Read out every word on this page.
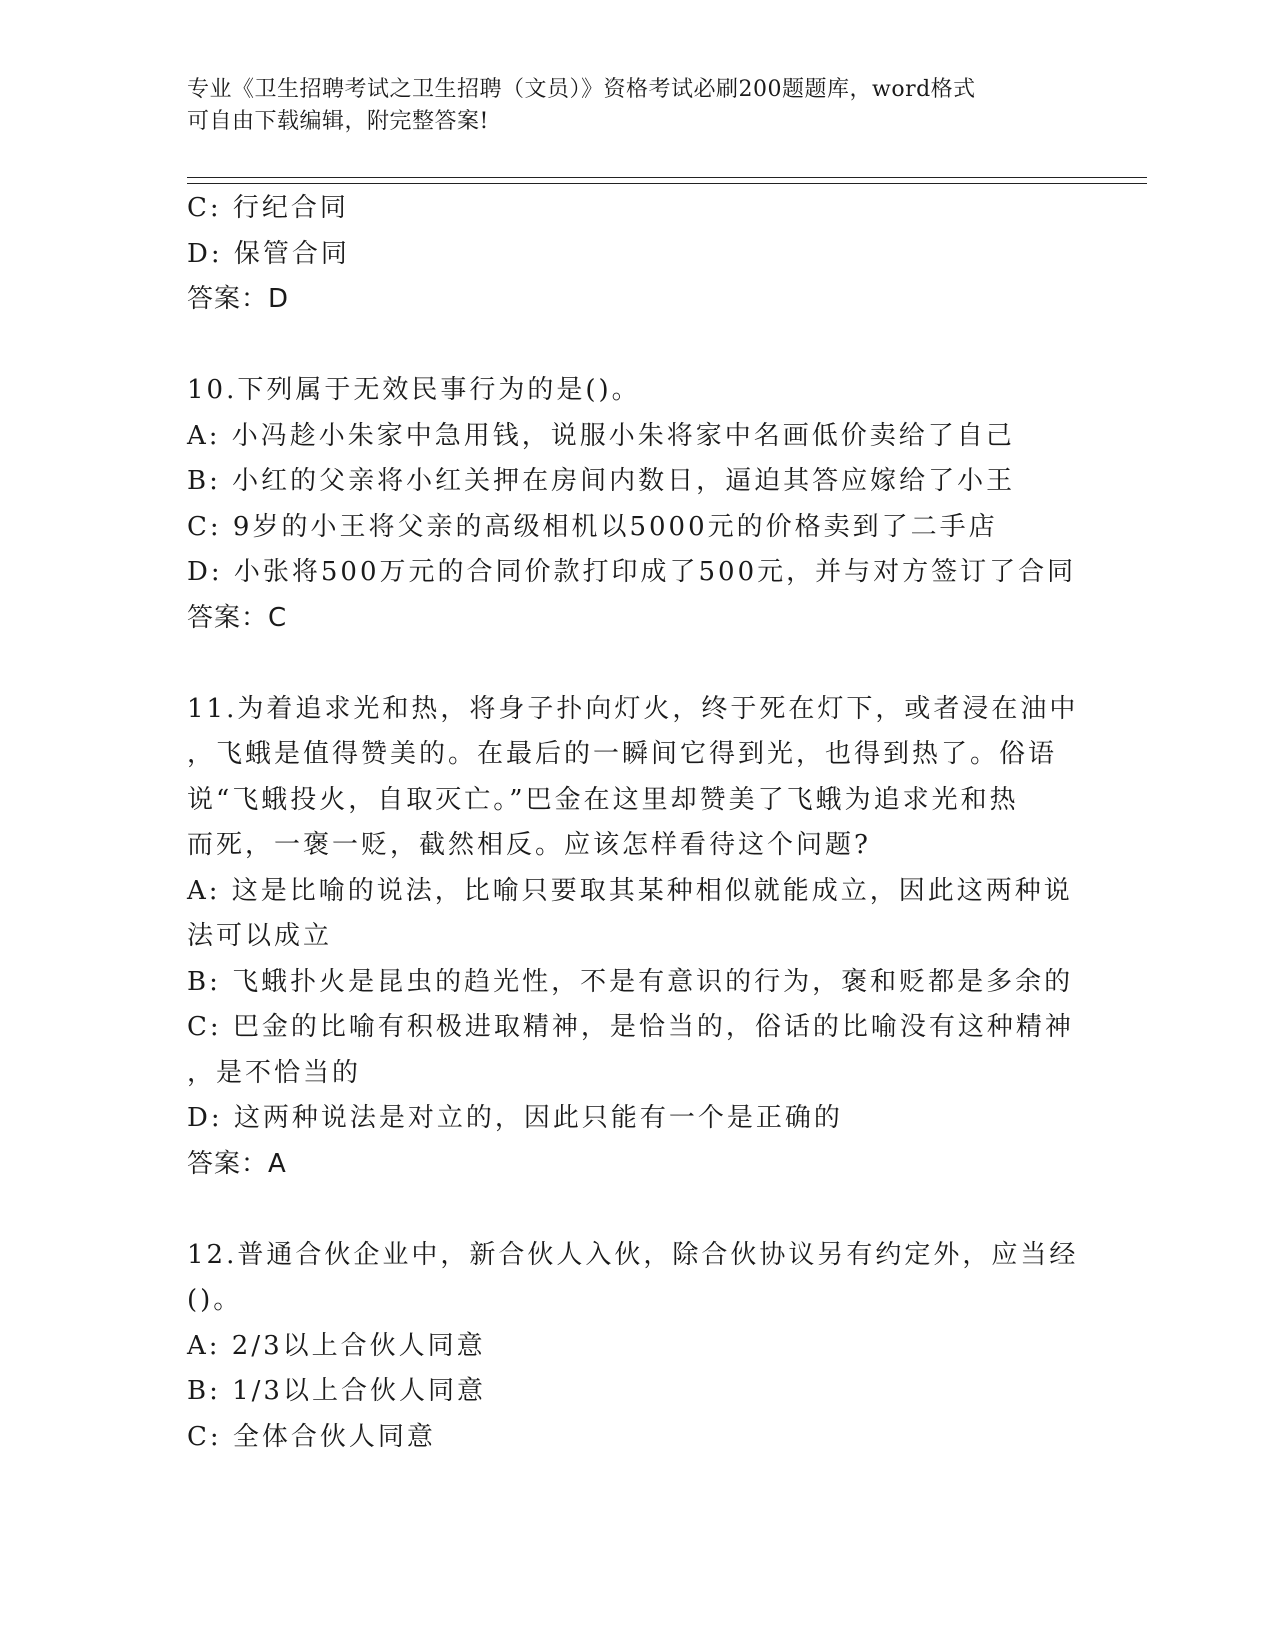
专业《卫生招聘考试之卫生招聘（文员）》资格考试必刷200题题库，word格式
可自由下载编辑，附完整答案!
C: 行纪合同
D: 保管合同
答案：D
10.下列属于无效民事行为的是()。
A: 小冯趁小朱家中急用钱，说服小朱将家中名画低价卖给了自己
B: 小红的父亲将小红关押在房间内数日，逼迫其答应嫁给了小王
C: 9岁的小王将父亲的高级相机以5000元的价格卖到了二手店
D: 小张将500万元的合同价款打印成了500元，并与对方签订了合同
答案：C
11.为着追求光和热，将身子扑向灯火，终于死在灯下，或者浸在油中
，飞蛾是值得赞美的。在最后的一瞬间它得到光，也得到热了。俗语
说“飞蛾投火，自取灭亡。”巴金在这里却赞美了飞蛾为追求光和热
而死，一褒一贬，截然相反。应该怎样看待这个问题?
A: 这是比喻的说法，比喻只要取其某种相似就能成立，因此这两种说
法可以成立
B: 飞蛾扑火是昆虫的趋光性，不是有意识的行为，褒和贬都是多余的
C: 巴金的比喻有积极进取精神，是恰当的，俗话的比喻没有这种精神
，是不恰当的
D: 这两种说法是对立的，因此只能有一个是正确的
答案：A
12.普通合伙企业中，新合伙人入伙，除合伙协议另有约定外，应当经
()。
A: 2/3以上合伙人同意
B: 1/3以上合伙人同意
C: 全体合伙人同意
